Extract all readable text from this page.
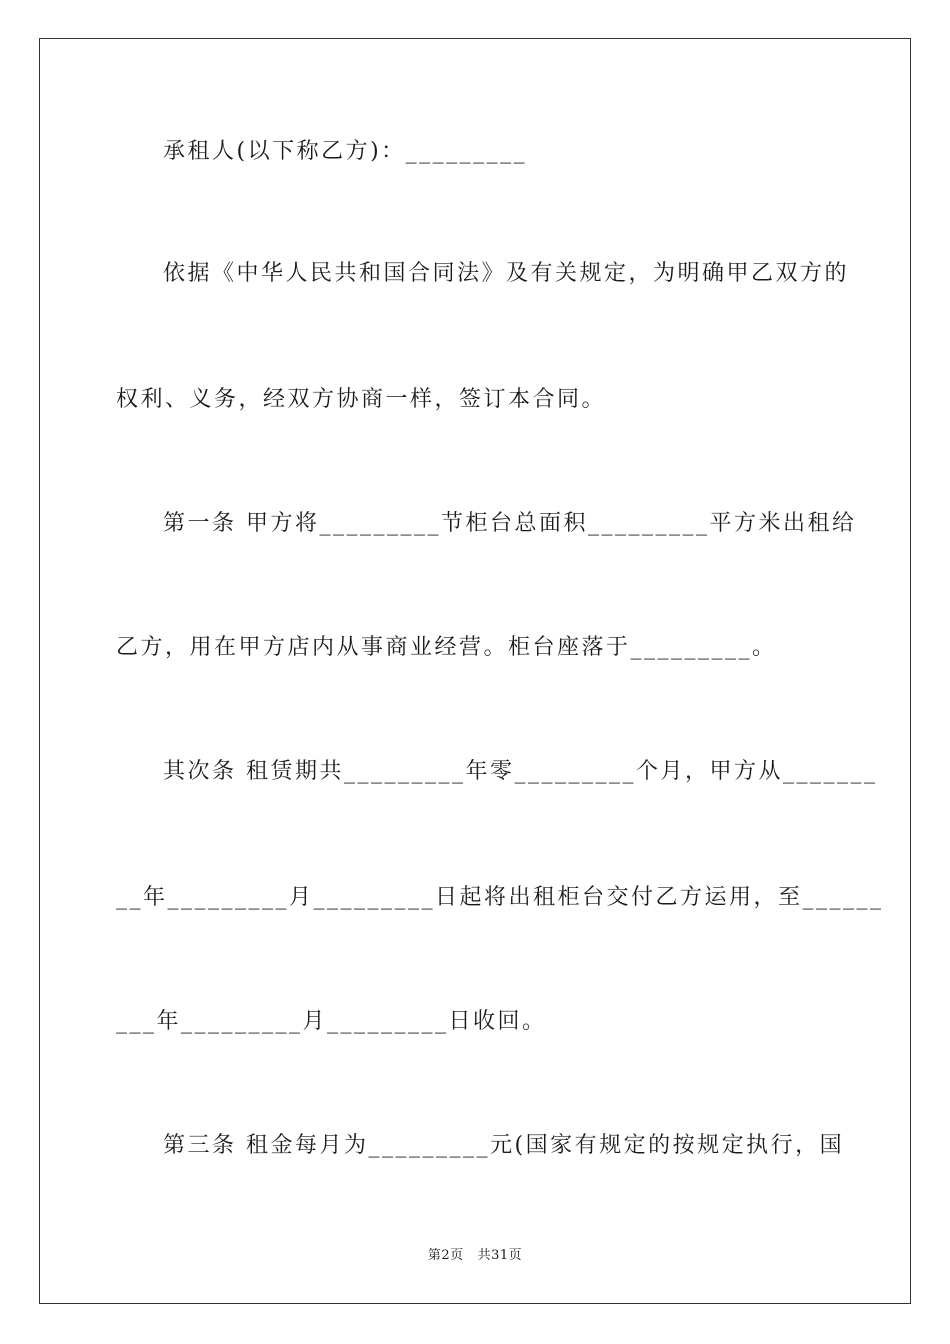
承租人(以下称乙方)：_________
依据《中华人民共和国合同法》及有关规定，为明确甲乙双方的
权利、义务，经双方协商一样，签订本合同。
第一条 甲方将_________节柜台总面积_________平方米出租给
乙方，用在甲方店内从事商业经营。柜台座落于_________。
其次条 租赁期共_________年零_________个月，甲方从_______
__年_________月_________日起将出租柜台交付乙方运用，至______
___年_________月_________日收回。
第三条 租金每月为_________元(国家有规定的按规定执行，国
第2页 共31页
